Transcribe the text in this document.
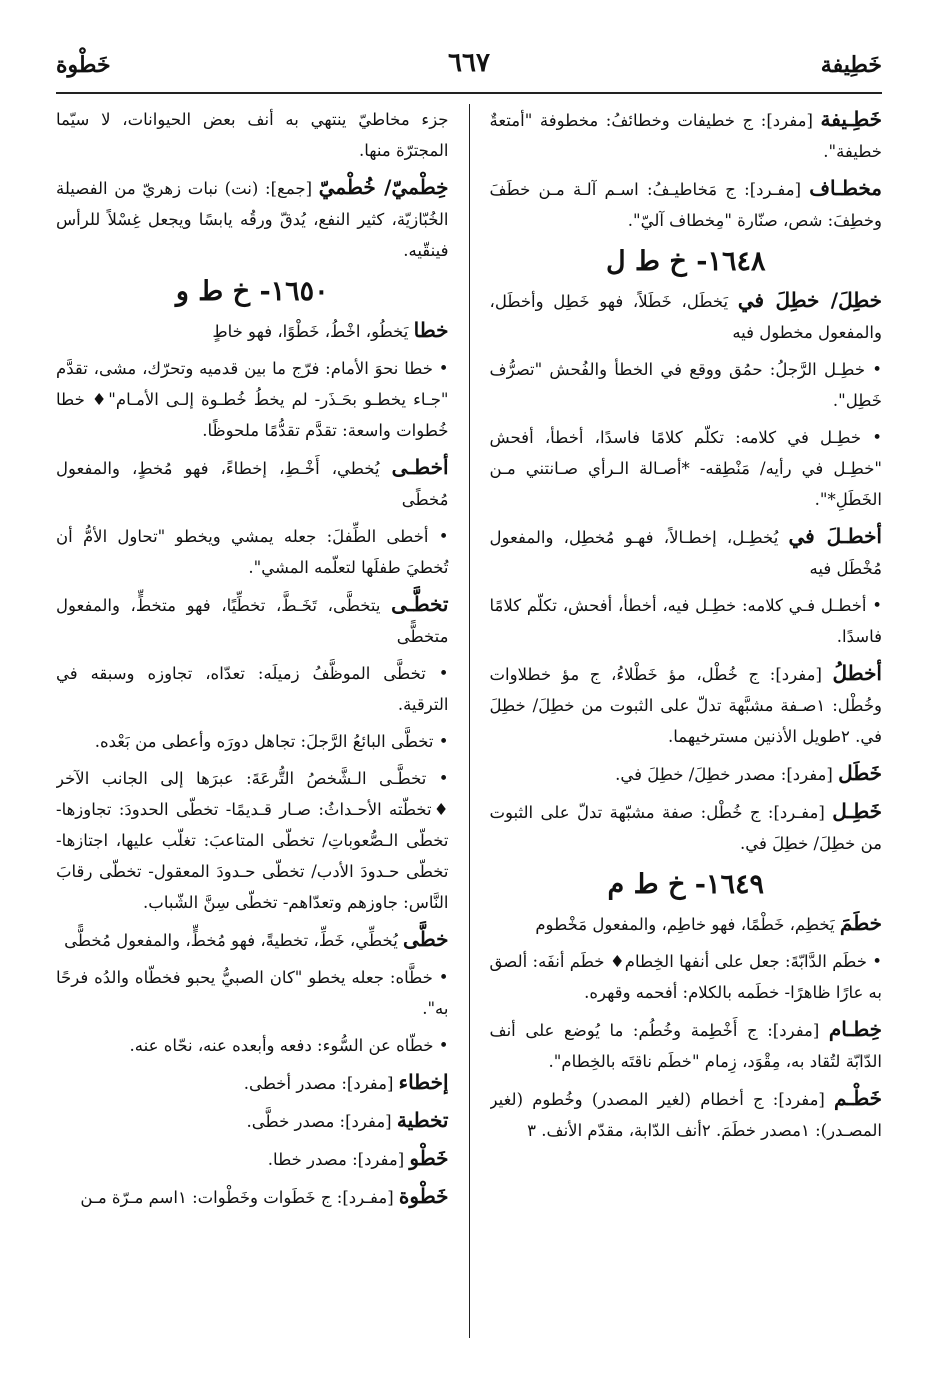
خَطِيفة
٦٦٧
خَطْوة
خَطِـيفة [مفرد]: ج خطيفات وخطائفُ: مخطوفة "أمتعةٌ خطيفة".
مخطـاف [مفـرد]: ج مَخاطيـفُ: اسـم آلـة مـن خطَفَ وخطِفَ: شص، صنّارة "مِخطاف آليّ".
١٦٤٨- خ ط ل
خطِلَ/ خطِلَ في يَخطَل، خَطَلاً، فهو خَطِل وأخطَل، والمفعول مخطول فيه
• خطِـل الرَّجلُ: حمُق ووقع في الخطأ والفُحش "تصرُّف خَطِل".
• خطِـل في كلامه: تكلّم كلامًا فاسدًا، أخطأ، أفحش "خطِـل في رأيه/ مَنْطِقه- *أصـالة الـرأي صـانتني مـن الخَطَلِ*".
أخطـلَ في يُخطِـل، إخطـالاً، فهـو مُخطِل، والمفعول مُخْطَل فيه
• أخطـل فـي كلامه: خطِـل فيه، أخطأ، أفحش، تكلّم كلامًا فاسدًا.
أخطلُ [مفرد]: ج خُطْل، مؤ خَطْلاءُ، ج مؤ خطلاوات وخُطْل: ١صـفة مشبَّهة تدلّ على الثبوت من خطِلَ/ خطِلَ في. ٢طويل الأذنين مسترخيهما.
خَطَل [مفرد]: مصدر خطِلَ/ خطِلَ في.
خَطِـل [مفـرد]: ج خُطْل: صفة مشبّهة تدلّ على الثبوت من خطِلَ/ خطِلَ في.
١٦٤٩- خ ط م
خطَمَ يَخطِم، خَطْمًا، فهو خاطِم، والمفعول مَخْطوم
• خطَم الدَّابّةَ: جعل على أنفها الخِطام♦ خطَم أنفَه: ألصق به عارًا ظاهرًا- خطَمه بالكلام: أفحمه وقهره.
خِطـام [مفرد]: ج أَخْطِمة وخُطُم: ما يُوضع على أنف الدّابّة لتُقاد به، مِقْوَد، زِمام "خطَم ناقتَه بالخِطام".
خَطْـم [مفرد]: ج أخطام (لغير المصدر) وخُطوم (لغير المصـدر): ١مصدر خطَمَ. ٢أنف الدّابة، مقدّم الأنف. ٣
جزء مخاطيّ ينتهي به أنف بعض الحيوانات، لا سيّما المجترّة منها.
خِطْميّ/ خُطْميّ [جمع]: (نت) نبات زهريّ من الفصيلة الخُبّازيّة، كثير النفع، يُدقّ ورقُه يابسًا ويجعل غِسْلاً للرأس فينقّيه.
١٦٥٠- خ ط و
خطا يَخطُو، اخْطُ، خَطْوًا، فهو خاطٍ
• خطا نحوَ الأمام: فرّج ما بين قدميه وتحرّك، مشى، تقدَّم "جـاء يخطـو بحَـذَر- لم يخطُ خُطـوة إلـى الأمـام"♦ خطا خُطوات واسعة: تقدَّم تقدُّمًا ملحوظًا.
أخطـى يُخطي، أَخْـطِ، إخطاءً، فهو مُخطٍ، والمفعول مُخطًى
• أخطى الطِّفلَ: جعله يمشي ويخطو "تحاول الأمُّ أن تُخطيَ طفلَها لتعلّمه المشي".
تخطَّـى يتخطَّى، تَخَـطَّ، تخطِّيًا، فهو متخطٍّ، والمفعول متخطًّى
• تخطَّى الموظَّفُ زميلَه: تعدّاه، تجاوزه وسبقه في الترقية.
• تخطَّى البائعُ الرَّجلَ: تجاهل دورَه وأعطى من بَعْده.
• تخطَّـى الـشَّخصُ التُّرعَةَ: عبرَها إلى الجانب الآخر ♦تخطّته الأحـداثُ: صـار قـديمًا- تخطّى الحدودَ: تجاوزها- تخطّى الـصُّعوباتِ/ تخطّى المتاعبَ: تغلّب عليها، اجتازها- تخطّى حـدودَ الأدب/ تخطّى حـدودَ المعقول- تخطّى رقابَ النَّاس: جاوزهم وتعدّاهم- تخطّى سِنَّ الشّباب.
خطَّى يُخطِّي، خَطِّ، تخطيةً، فهو مُخطٍّ، والمفعول مُخطًّى
• خطَّاه: جعله يخطو "كان الصبيُّ يحبو فخطّاه والدُه فرحًا به".
• خطّاه عن السُّوء: دفعه وأبعده عنه، نحّاه عنه.
إخطاء [مفرد]: مصدر أخطى.
تخطية [مفرد]: مصدر خطَّى.
خَطْو [مفرد]: مصدر خطا.
خَطْوة [مفـرد]: ج خَطَوات وخَطْوات: ١اسم مـرّة مـن
